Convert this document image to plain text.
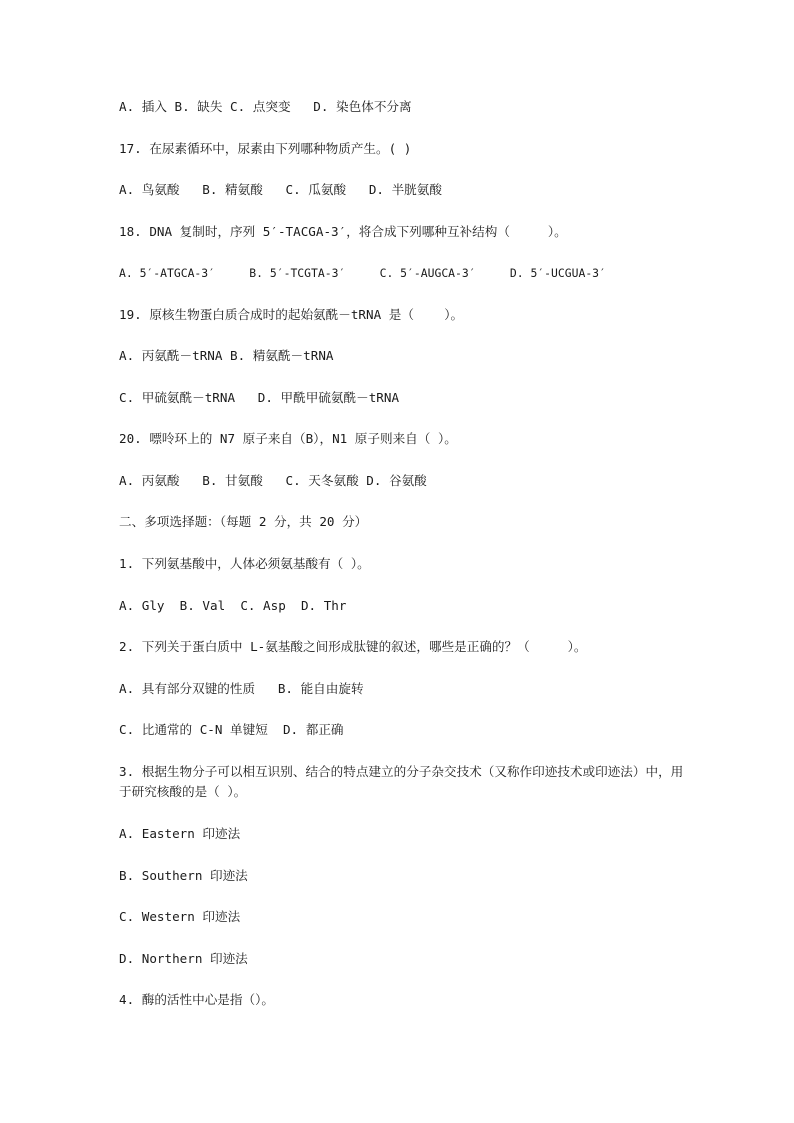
A. 插入 B. 缺失 C. 点突变   D. 染色体不分离
17. 在尿素循环中，尿素由下列哪种物质产生。( )
A. 鸟氨酸   B. 精氨酸   C. 瓜氨酸   D. 半胱氨酸
18. DNA 复制时，序列 5′-TACGA-3′，将合成下列哪种互补结构（     ）。
A. 5′-ATGCA-3′     B. 5′-TCGTA-3′     C. 5′-AUGCA-3′     D. 5′-UCGUA-3′
19. 原核生物蛋白质合成时的起始氨酰－tRNA 是（    ）。
A. 丙氨酰－tRNA B. 精氨酰－tRNA
C. 甲硫氨酰－tRNA   D. 甲酰甲硫氨酰－tRNA
20. 嘌呤环上的 N7 原子来自（B），N1 原子则来自（ ）。
A. 丙氨酸   B. 甘氨酸   C. 天冬氨酸 D. 谷氨酸
二、多项选择题：（每题 2 分，共 20 分）
1. 下列氨基酸中，人体必须氨基酸有（ ）。
A. Gly  B. Val  C. Asp  D. Thr
2. 下列关于蛋白质中 L-氨基酸之间形成肽键的叙述，哪些是正确的？（     ）。
A. 具有部分双键的性质   B. 能自由旋转
C. 比通常的 C-N 单键短  D. 都正确
3. 根据生物分子可以相互识别、结合的特点建立的分子杂交技术（又称作印迹技术或印迹法）中，用于研究核酸的是（ ）。
A. Eastern 印迹法
B. Southern 印迹法
C. Western 印迹法
D. Northern 印迹法
4. 酶的活性中心是指（）。
